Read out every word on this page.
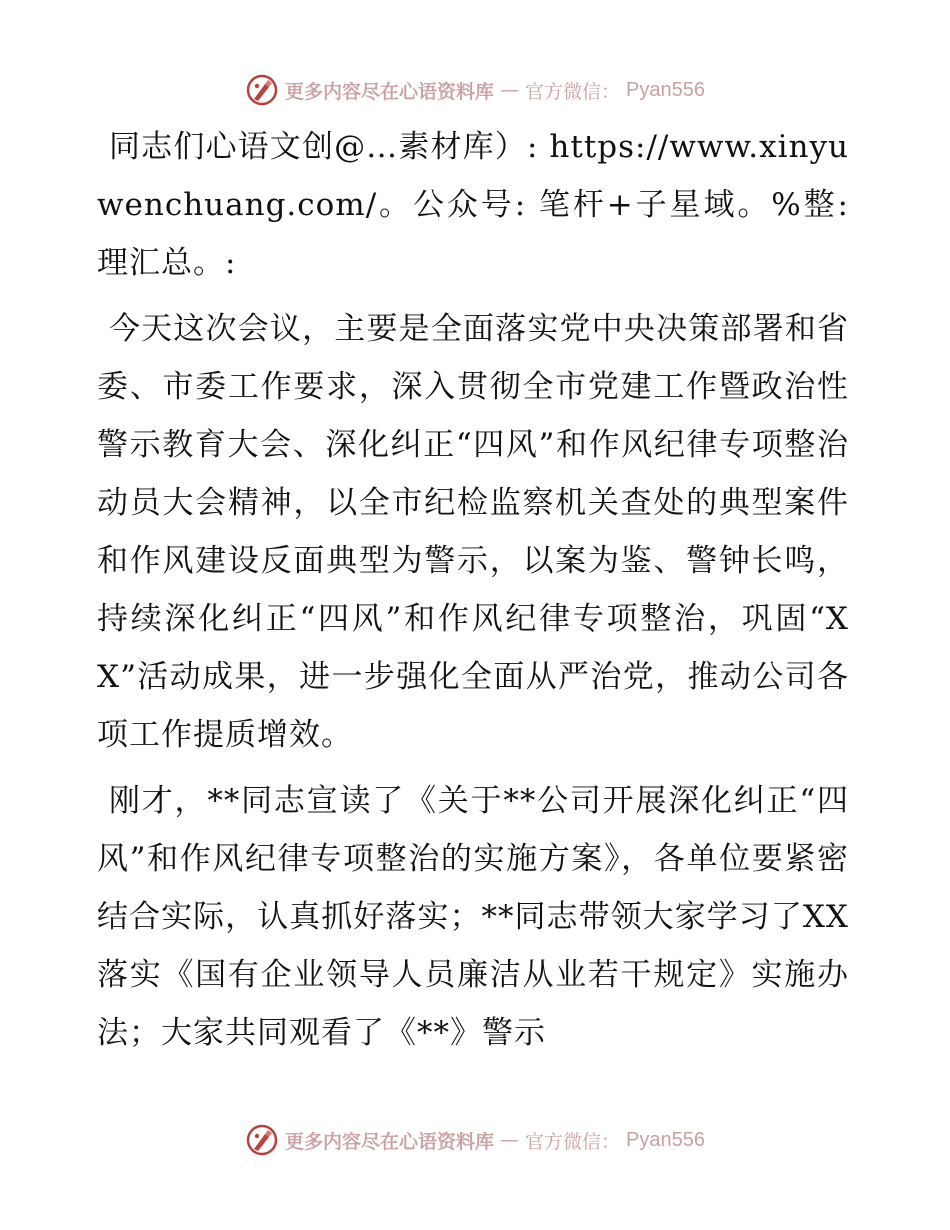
更多内容尽在心语资料库 — 官方微信： Pyan556

同志们心语文创@…素材库）: https://www.xinyuwenchuang.com/。公众号: 笔杆+子星域。%整:理汇总。:

今天这次会议，主要是全面落实党中央决策部署和省委、市委工作要求，深入贯彻全市党建工作暨政治性警示教育大会、深化纠正“四风”和作风纪律专项整治动员大会精神，以全市纪检监察机关查处的典型案件和作风建设反面典型为警示，以案为鉴、警钟长鸣，持续深化纠正“四风”和作风纪律专项整治，巩固“XX”活动成果，进一步强化全面从严治党，推动公司各项工作提质增效。

刚才，**同志宣读了《关于**公司开展深化纠正“四风”和作风纪律专项整治的实施方案》，各单位要紧密结合实际，认真抓好落实；**同志带领大家学习了XX落实《国有企业领导人员廉洁从业若干规定》实施办法；大家共同观看了《**》警示

更多内容尽在心语资料库 — 官方微信： Pyan556
